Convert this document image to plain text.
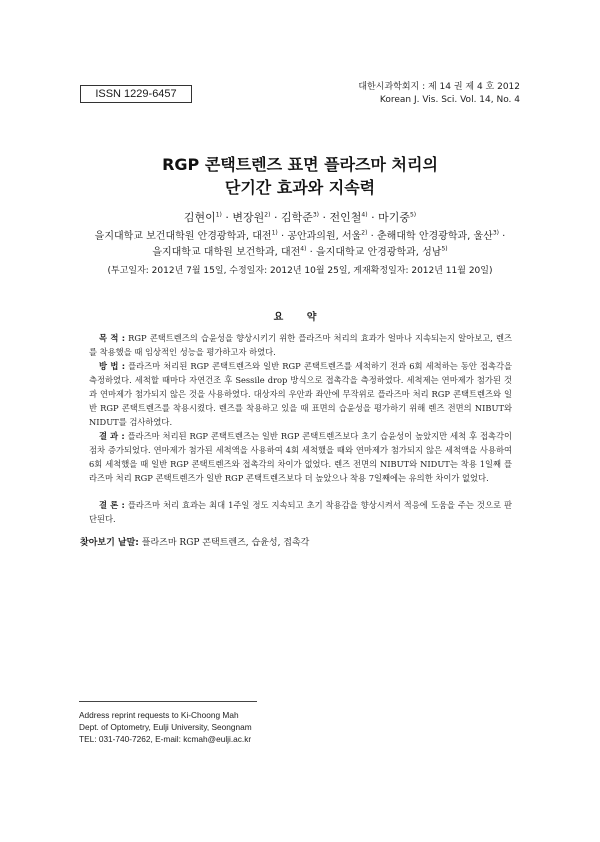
ISSN 1229-6457
대한시과학회지 : 제 14 권 제 4 호 2012
Korean J. Vis. Sci. Vol. 14, No. 4
RGP 콘택트렌즈 표면 플라즈마 처리의
단기간 효과와 지속력
김현이$^{1)}$ · 변장원$^{2)}$ · 김학준$^{3)}$ · 전인철$^{4)}$ · 마기중$^{5)}$
을지대학교 보건대학원 안경광학과, 대전$^{1)}$ · 공안과의원, 서울$^{2)}$ · 춘해대학 안경광학과, 울산$^{3)}$ ·
을지대학교 대학원 보건학과, 대전$^{4)}$ · 을지대학교 안경광학과, 성남$^{5)}$
(투고일자: 2012년 7월 15일, 수정일자: 2012년 10월 25일, 게재확정일자: 2012년 11월 20일)
요 약
목 적 : RGP 콘택트렌즈의 습윤성을 향상시키기 위한 플라즈마 처리의 효과가 얼마나 지속되는지 알아보고, 렌즈를 착용했을 때 임상적인 성능을 평가하고자 하였다.
방 법 : 플라즈마 처리된 RGP 콘택트렌즈와 일반 RGP 콘택트렌즈를 세척하기 전과 6회 세척하는 동안 접촉각을 측정하였다. 세척할 때마다 자연건조 후 Sessile drop 방식으로 접촉각을 측정하였다. 세척제는 연마제가 첨가된 것과 연마제가 첨가되지 않은 것을 사용하였다. 대상자의 우안과 좌안에 무작위로 플라즈마 처리 RGP 콘택트렌즈와 일반 RGP 콘택트렌즈를 착용시켰다. 렌즈를 착용하고 있을 때 표면의 습윤성을 평가하기 위해 렌즈 전면의 NIBUT와 NIDUT를 검사하였다.
결 과 : 플라즈마 처리된 RGP 콘택트렌즈는 일반 RGP 콘택트렌즈보다 초기 습윤성이 높았지만 세척 후 접촉각이 점차 증가되었다. 연마제가 첨가된 세척액을 사용하여 4회 세척했을 때와 연마제가 첨가되지 않은 세척액을 사용하여 6회 세척했을 때 일반 RGP 콘택트렌즈와 접촉각의 차이가 없었다. 렌즈 전면의 NIBUT와 NIDUT는 착용 1일째 플라즈마 처리 RGP 콘택트렌즈가 일반 RGP 콘택트렌즈보다 더 높았으나 착용 7일째에는 유의한 차이가 없었다.
결 론 : 플라즈마 처리 효과는 최대 1주일 정도 지속되고 초기 착용감을 향상시켜서 적응에 도움을 주는 것으로 판단된다.
찾아보기 낱말: 플라즈마 RGP 콘택트렌즈, 습윤성, 접촉각
Address reprint requests to Ki-Choong Mah
Dept. of Optometry, Eulji University, Seongnam
TEL: 031-740-7262, E-mail: kcmah@eulji.ac.kr
